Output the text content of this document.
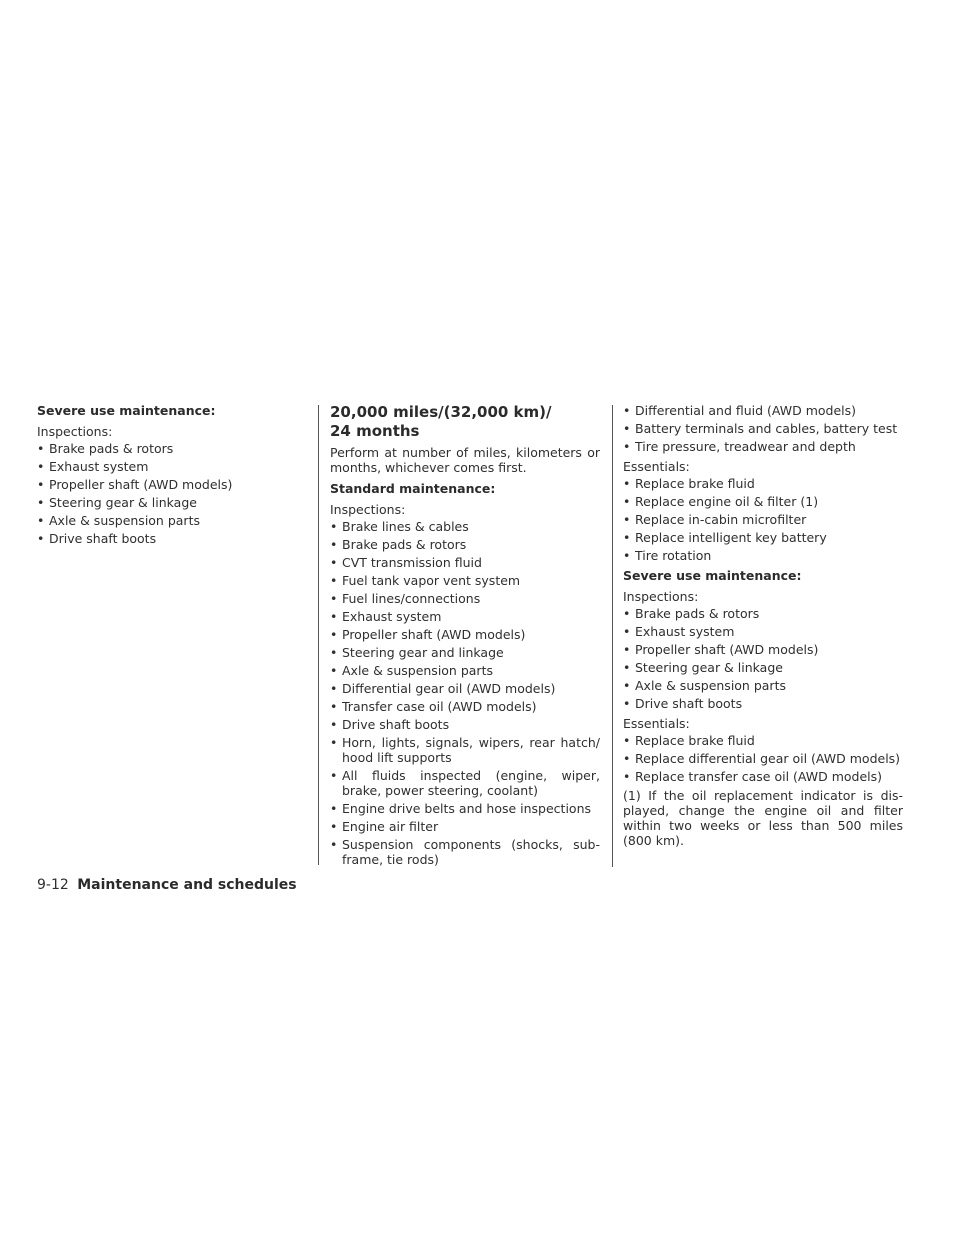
Severe use maintenance:
Inspections:
• Brake pads & rotors
• Exhaust system
• Propeller shaft (AWD models)
• Steering gear & linkage
• Axle & suspension parts
• Drive shaft boots
20,000 miles/(32,000 km)/
24 months

Perform at number of miles, kilometers or months, whichever comes first.

Standard maintenance:
Inspections:
• Brake lines & cables
• Brake pads & rotors
• CVT transmission fluid
• Fuel tank vapor vent system
• Fuel lines/connections
• Exhaust system
• Propeller shaft (AWD models)
• Steering gear and linkage
• Axle & suspension parts
• Differential gear oil (AWD models)
• Transfer case oil (AWD models)
• Drive shaft boots
• Horn, lights, signals, wipers, rear hatch/ hood lift supports
• All fluids inspected (engine, wiper, brake, power steering, coolant)
• Engine drive belts and hose inspections
• Engine air filter
• Suspension components (shocks, sub- frame, tie rods)
• Differential and fluid (AWD models)
• Battery terminals and cables, battery test
• Tire pressure, treadwear and depth
Essentials:
• Replace brake fluid
• Replace engine oil & filter (1)
• Replace in-cabin microfilter
• Replace intelligent key battery
• Tire rotation
Severe use maintenance:
Inspections:
• Brake pads & rotors
• Exhaust system
• Propeller shaft (AWD models)
• Steering gear & linkage
• Axle & suspension parts
• Drive shaft boots
Essentials:
• Replace brake fluid
• Replace differential gear oil (AWD models)
• Replace transfer case oil (AWD models)

(1) If the oil replacement indicator is dis- played, change the engine oil and filter within two weeks or less than 500 miles (800 km).

9-12 Maintenance and schedules
